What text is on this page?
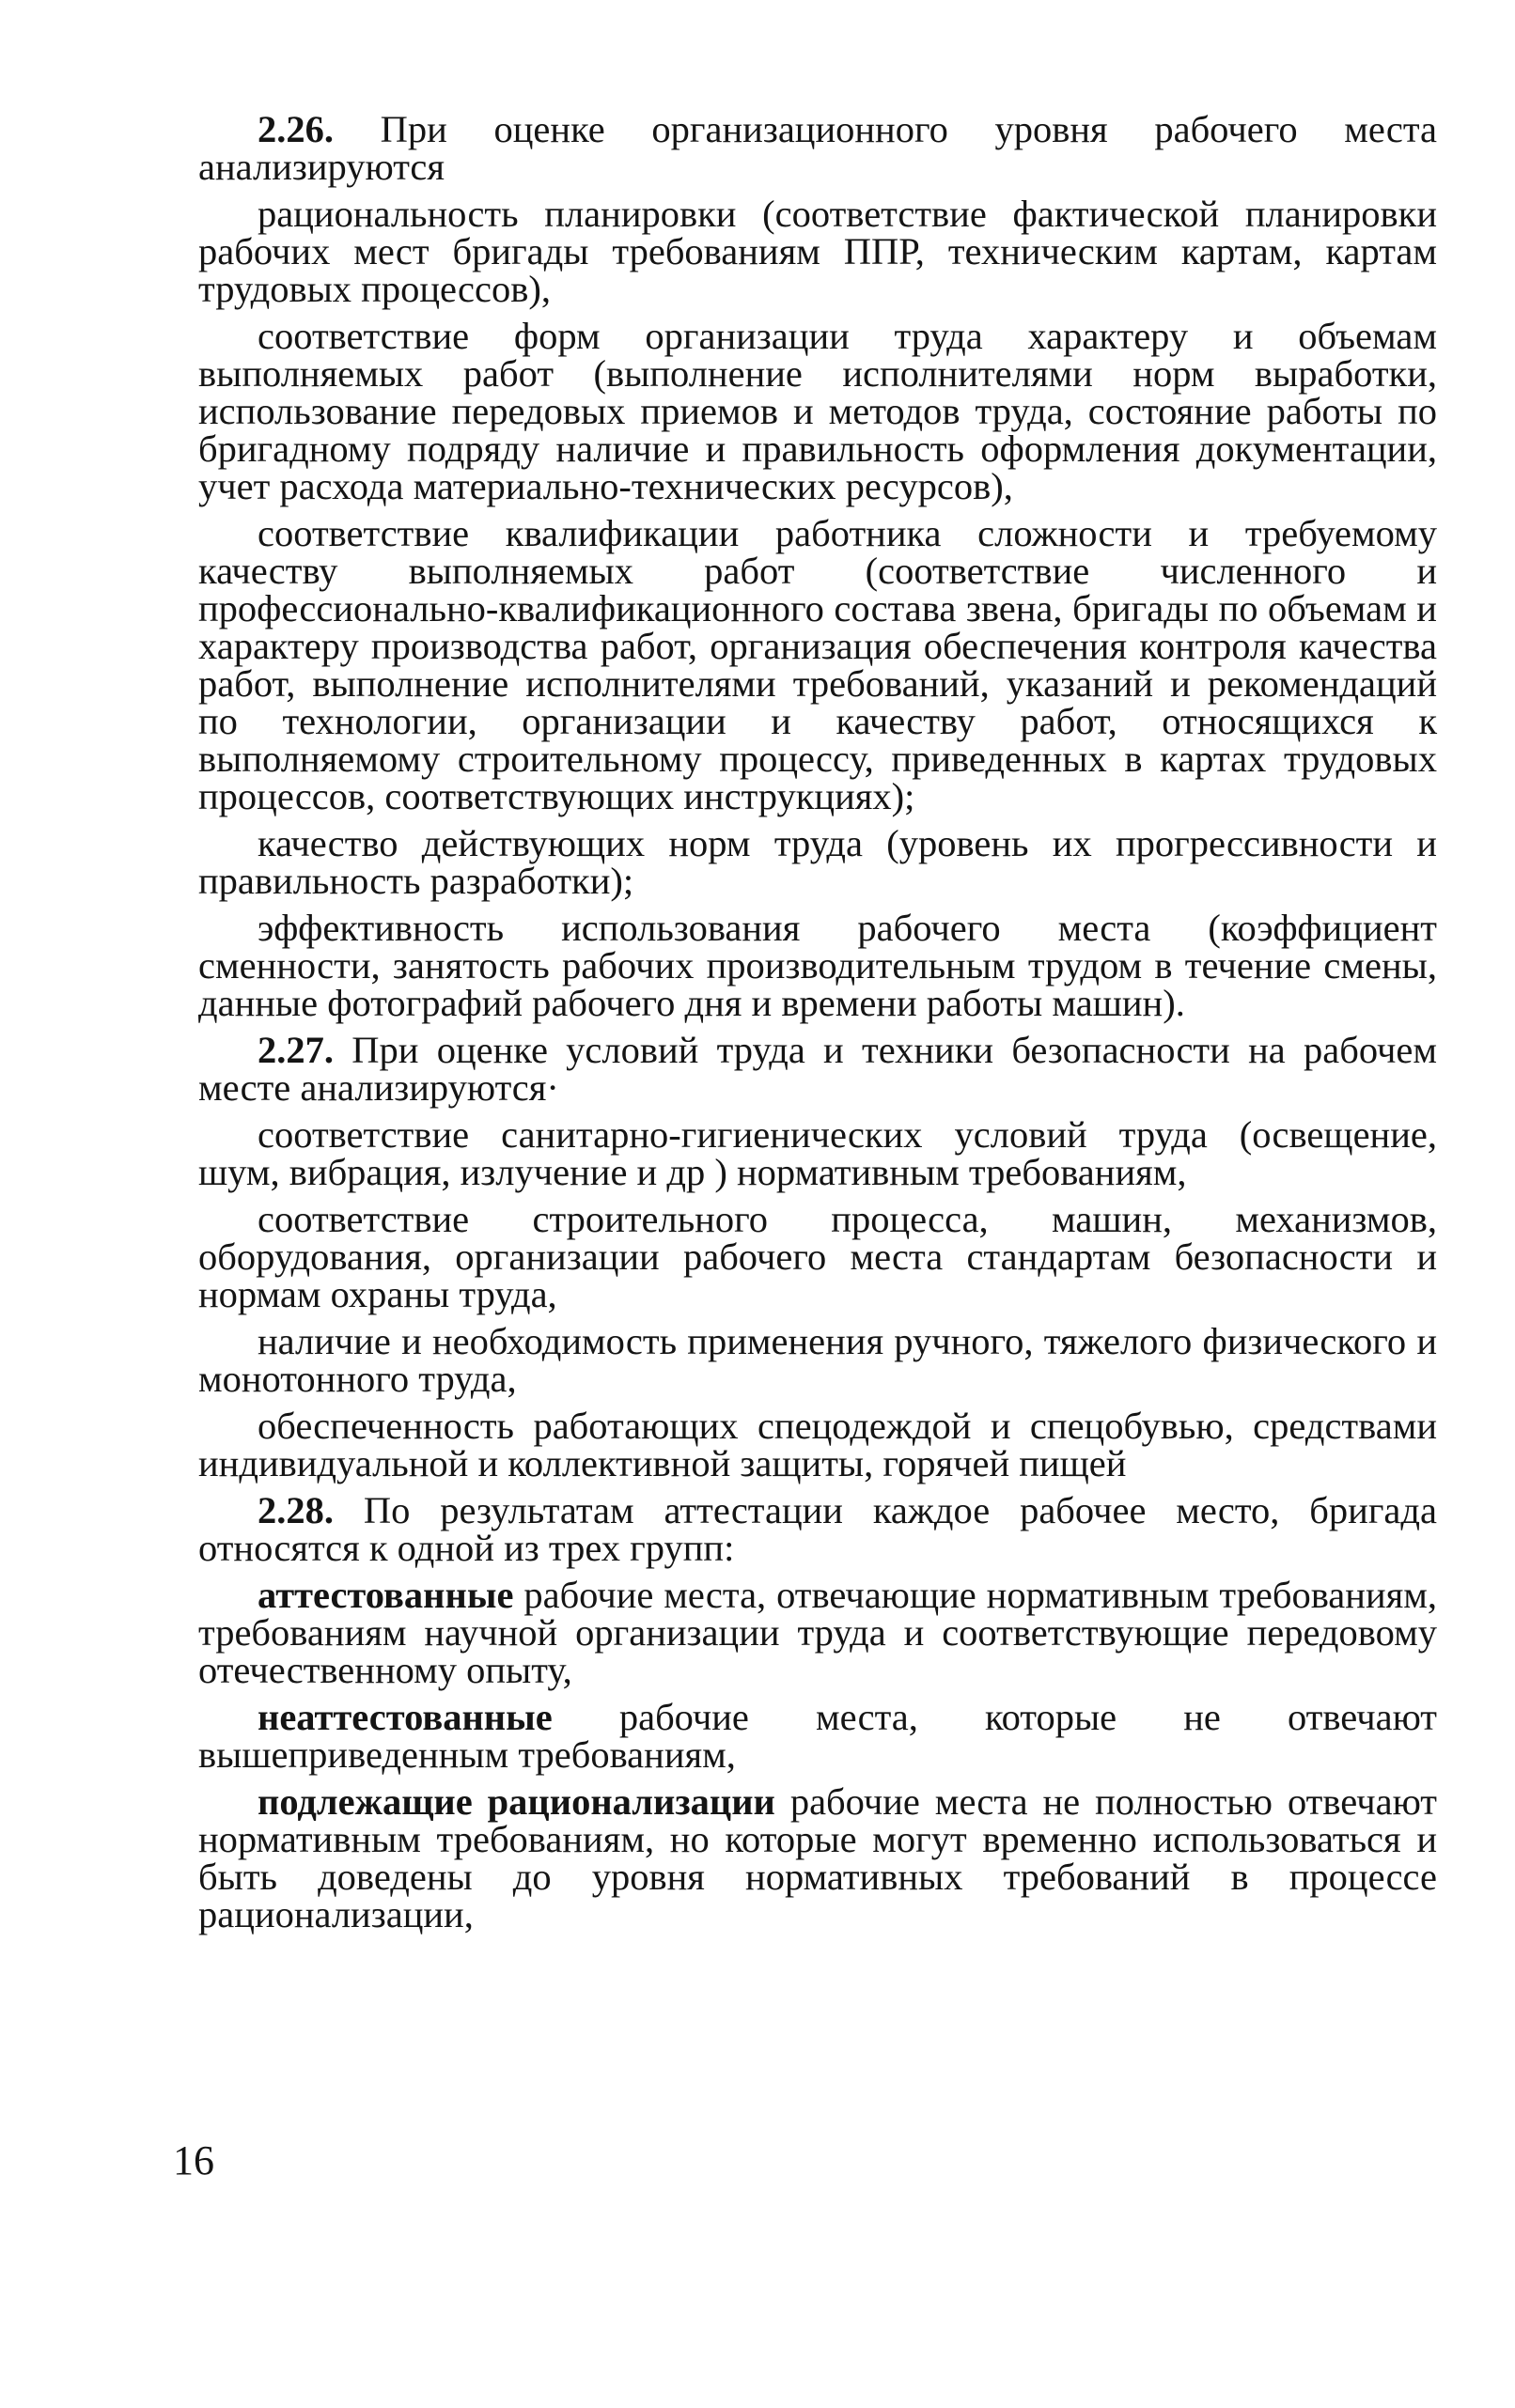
2.26. При оценке организационного уровня рабочего места анализируются

рациональность планировки (соответствие фактической планировки рабочих мест бригады требованиям ППР, техническим картам, картам трудовых процессов),

соответствие форм организации труда характеру и объемам выполняемых работ (выполнение исполнителями норм выработки, использование передовых приемов и методов труда, состояние работы по бригадному подряду наличие и правильность оформления документации, учет расхода материально-технических ресурсов),

соответствие квалификации работника сложности и требуемому качеству выполняемых работ (соответствие численного и профессионально-квалификационного состава звена, бригады по объемам и характеру производства работ, организация обеспечения контроля качества работ, выполнение исполнителями требований, указаний и рекомендаций по технологии, организации и качеству работ, относящихся к выполняемому строительному процессу, приведенных в картах трудовых процессов, соответствующих инструкциях);

качество действующих норм труда (уровень их прогрессивности и правильность разработки);

эффективность использования рабочего места (коэффициент сменности, занятость рабочих производительным трудом в течение смены, данные фотографий рабочего дня и времени работы машин).

2.27. При оценке условий труда и техники безопасности на рабочем месте анализируются·

соответствие санитарно-гигиенических условий труда (освещение, шум, вибрация, излучение и др ) нормативным требованиям,

соответствие строительного процесса, машин, механизмов, оборудования, организации рабочего места стандартам безопасности и нормам охраны труда,

наличие и необходимость применения ручного, тяжелого физического и монотонного труда,

обеспеченность работающих спецодеждой и спецобувью, средствами индивидуальной и коллективной защиты, горячей пищей

2.28. По результатам аттестации каждое рабочее место, бригада относятся к одной из трех групп:

аттестованные рабочие места, отвечающие нормативным требованиям, требованиям научной организации труда и соответствующие передовому отечественному опыту,

неаттестованные рабочие места, которые не отвечают вышеприведенным требованиям,

подлежащие рационализации рабочие места не полностью отвечают нормативным требованиям, но которые могут временно использоваться и быть доведены до уровня нормативных требований в процессе рационализации,

16
